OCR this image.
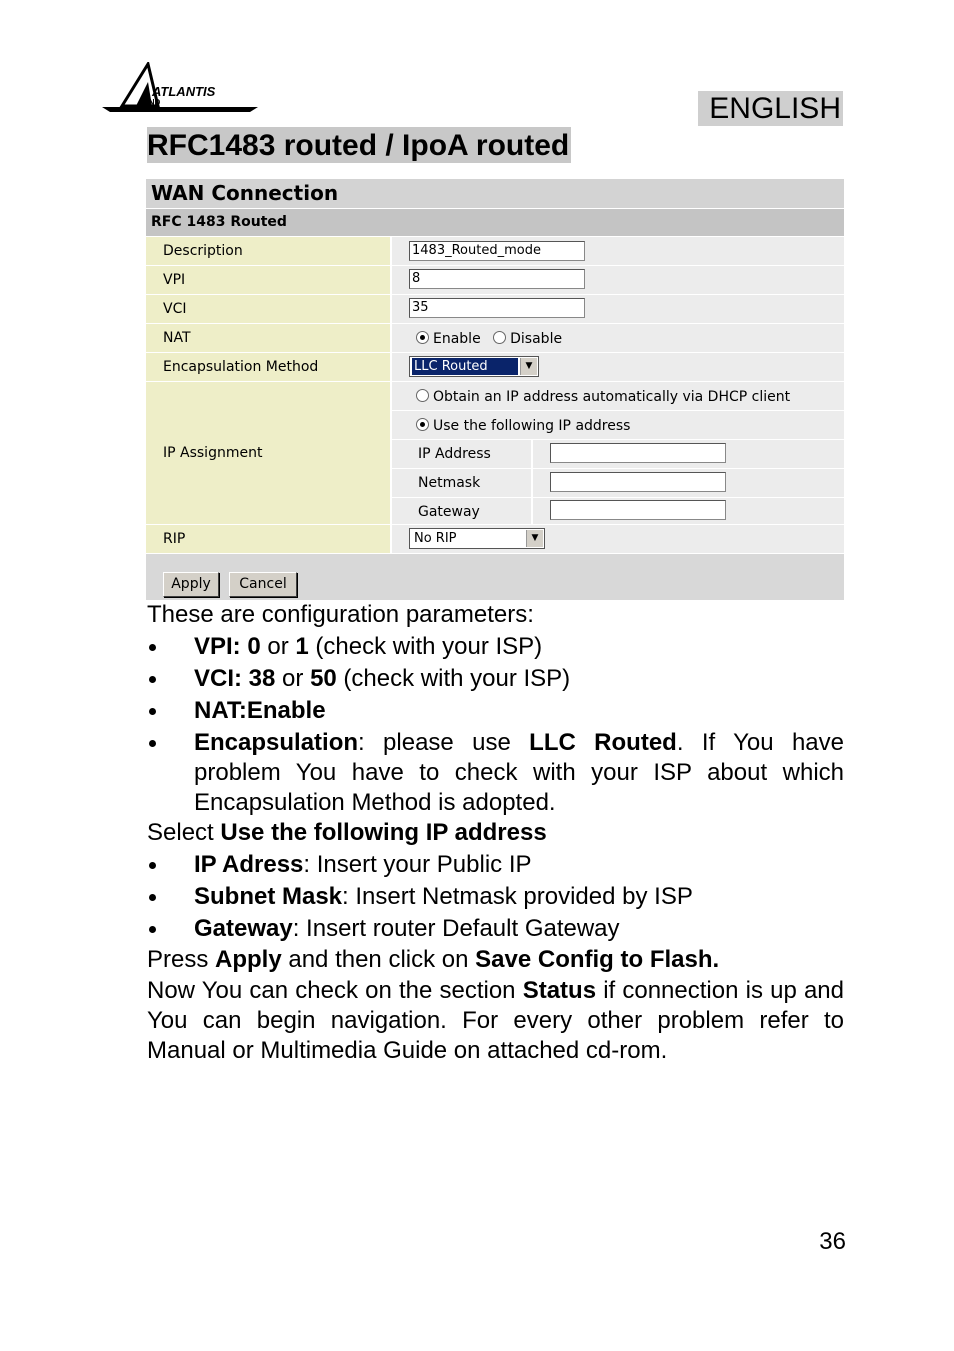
ATLANTIS
AND	ENGLISH
RFC1483 routed / IpoA routed
WAN Connection
RFC 1483 Routed
Description	1483_Routed_mode
VPI	8
VCI	35
NAT	Enable Disable
Encapsulation Method	LLC Routed	▼
IP Assignment
Obtain an IP address automatically via DHCP client
Use the following IP address
IP Address
Netmask
Gateway
RIP	No RIP	▼
Apply	Cancel
These are configuration parameters:
VPI: 0 or 1 (check with your ISP)
VCI: 38 or 50 (check with your ISP)
NAT:Enable
Encapsulation: please use LLC Routed. If You have problem You have to check with your ISP about which Encapsulation Method is adopted.
Select Use the following IP address
IP Adress: Insert your Public IP
Subnet Mask: Insert Netmask provided by ISP
Gateway: Insert router Default Gateway
Press Apply and then click on Save Config to Flash.
Now You can check on the section Status if connection is up and You can begin navigation. For every other problem refer to Manual or Multimedia Guide on attached cd-rom.
36
